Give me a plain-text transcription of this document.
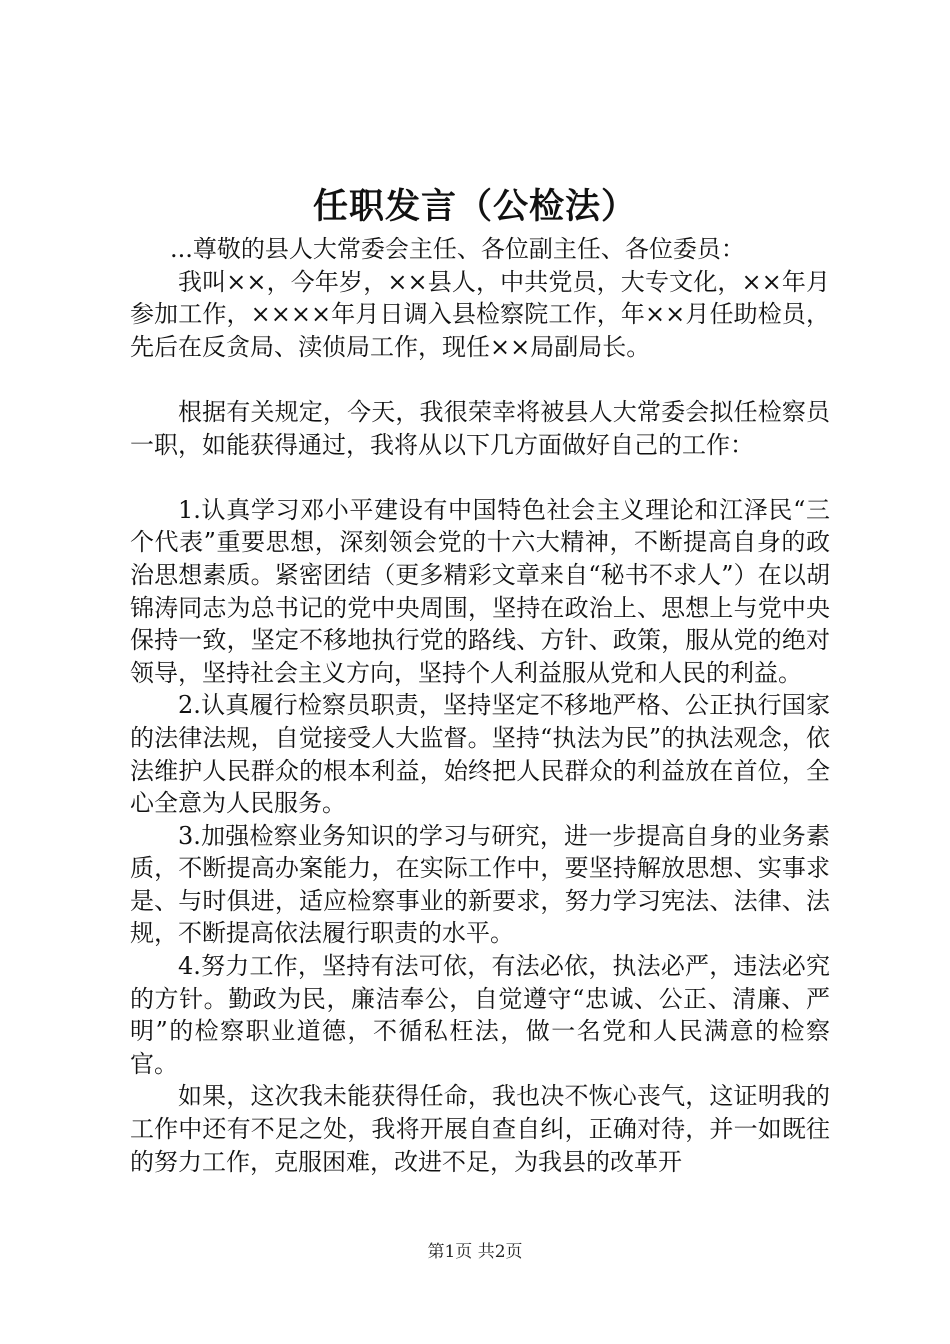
任职发言（公检法）

...尊敬的县人大常委会主任、各位副主任、各位委员：

我叫××，今年岁，××县人，中共党员，大专文化，××年月参加工作，××××年月日调入县检察院工作，年××月任助检员，先后在反贪局、渎侦局工作，现任××局副局长。

根据有关规定，今天，我很荣幸将被县人大常委会拟任检察员一职，如能获得通过，我将从以下几方面做好自己的工作：

1.认真学习邓小平建设有中国特色社会主义理论和江泽民“三个代表”重要思想，深刻领会党的十六大精神，不断提高自身的政治思想素质。紧密团结（更多精彩文章来自“秘书不求人”）在以胡锦涛同志为总书记的党中央周围，坚持在政治上、思想上与党中央保持一致，坚定不移地执行党的路线、方针、政策，服从党的绝对领导，坚持社会主义方向，坚持个人利益服从党和人民的利益。

2.认真履行检察员职责，坚持坚定不移地严格、公正执行国家的法律法规，自觉接受人大监督。坚持“执法为民”的执法观念，依法维护人民群众的根本利益，始终把人民群众的利益放在首位，全心全意为人民服务。

3.加强检察业务知识的学习与研究，进一步提高自身的业务素质，不断提高办案能力，在实际工作中，要坚持解放思想、实事求是、与时俱进，适应检察事业的新要求，努力学习宪法、法律、法规，不断提高依法履行职责的水平。

4.努力工作，坚持有法可依，有法必依，执法必严，违法必究的方针。勤政为民，廉洁奉公，自觉遵守“忠诚、公正、清廉、严明”的检察职业道德，不循私枉法，做一名党和人民满意的检察官。

如果，这次我未能获得任命，我也决不恢心丧气，这证明我的工作中还有不足之处，我将开展自查自纠，正确对待，并一如既往的努力工作，克服困难，改进不足，为我县的改革开

第1页 共2页
